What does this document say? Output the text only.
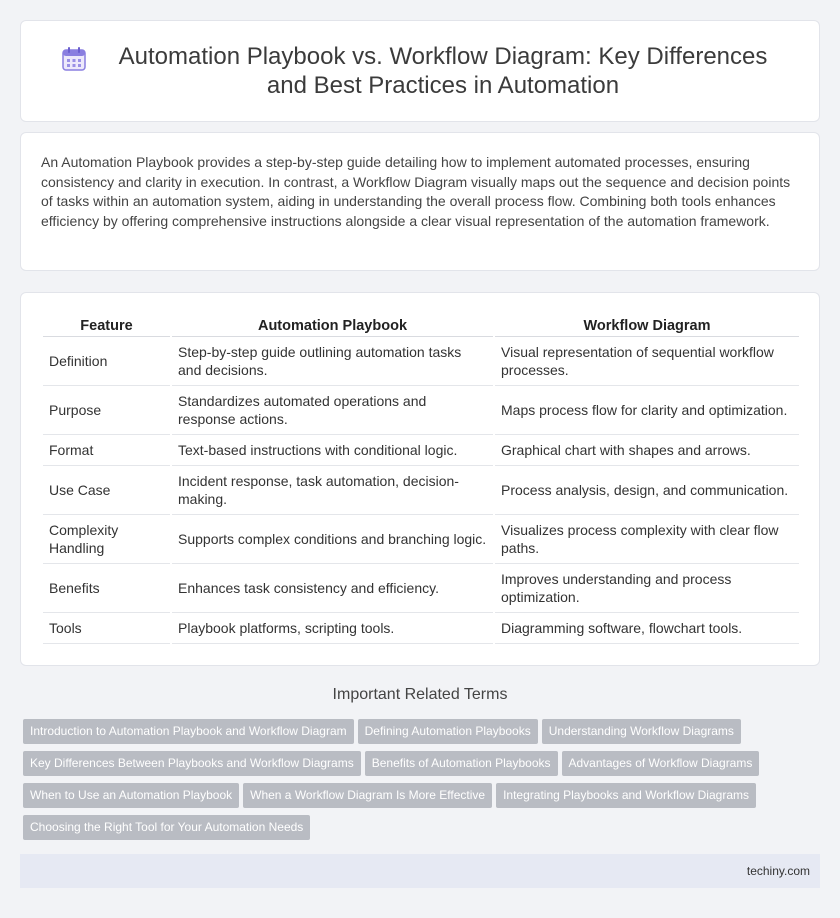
Automation Playbook vs. Workflow Diagram: Key Differences and Best Practices in Automation

An Automation Playbook provides a step-by-step guide detailing how to implement automated processes, ensuring consistency and clarity in execution. In contrast, a Workflow Diagram visually maps out the sequence and decision points of tasks within an automation system, aiding in understanding the overall process flow. Combining both tools enhances efficiency by offering comprehensive instructions alongside a clear visual representation of the automation framework.

Feature	Automation Playbook	Workflow Diagram
Definition	Step-by-step guide outlining automation tasks and decisions.	Visual representation of sequential workflow processes.
Purpose	Standardizes automated operations and response actions.	Maps process flow for clarity and optimization.
Format	Text-based instructions with conditional logic.	Graphical chart with shapes and arrows.
Use Case	Incident response, task automation, decision-making.	Process analysis, design, and communication.
Complexity Handling	Supports complex conditions and branching logic.	Visualizes process complexity with clear flow paths.
Benefits	Enhances task consistency and efficiency.	Improves understanding and process optimization.
Tools	Playbook platforms, scripting tools.	Diagramming software, flowchart tools.
Important Related Terms
Introduction to Automation Playbook and Workflow Diagram Defining Automation Playbooks Understanding Workflow Diagrams
Key Differences Between Playbooks and Workflow Diagrams Benefits of Automation Playbooks Advantages of Workflow Diagrams
When to Use an Automation Playbook When a Workflow Diagram Is More Effective Integrating Playbooks and Workflow Diagrams
Choosing the Right Tool for Your Automation Needs
techiny.com
